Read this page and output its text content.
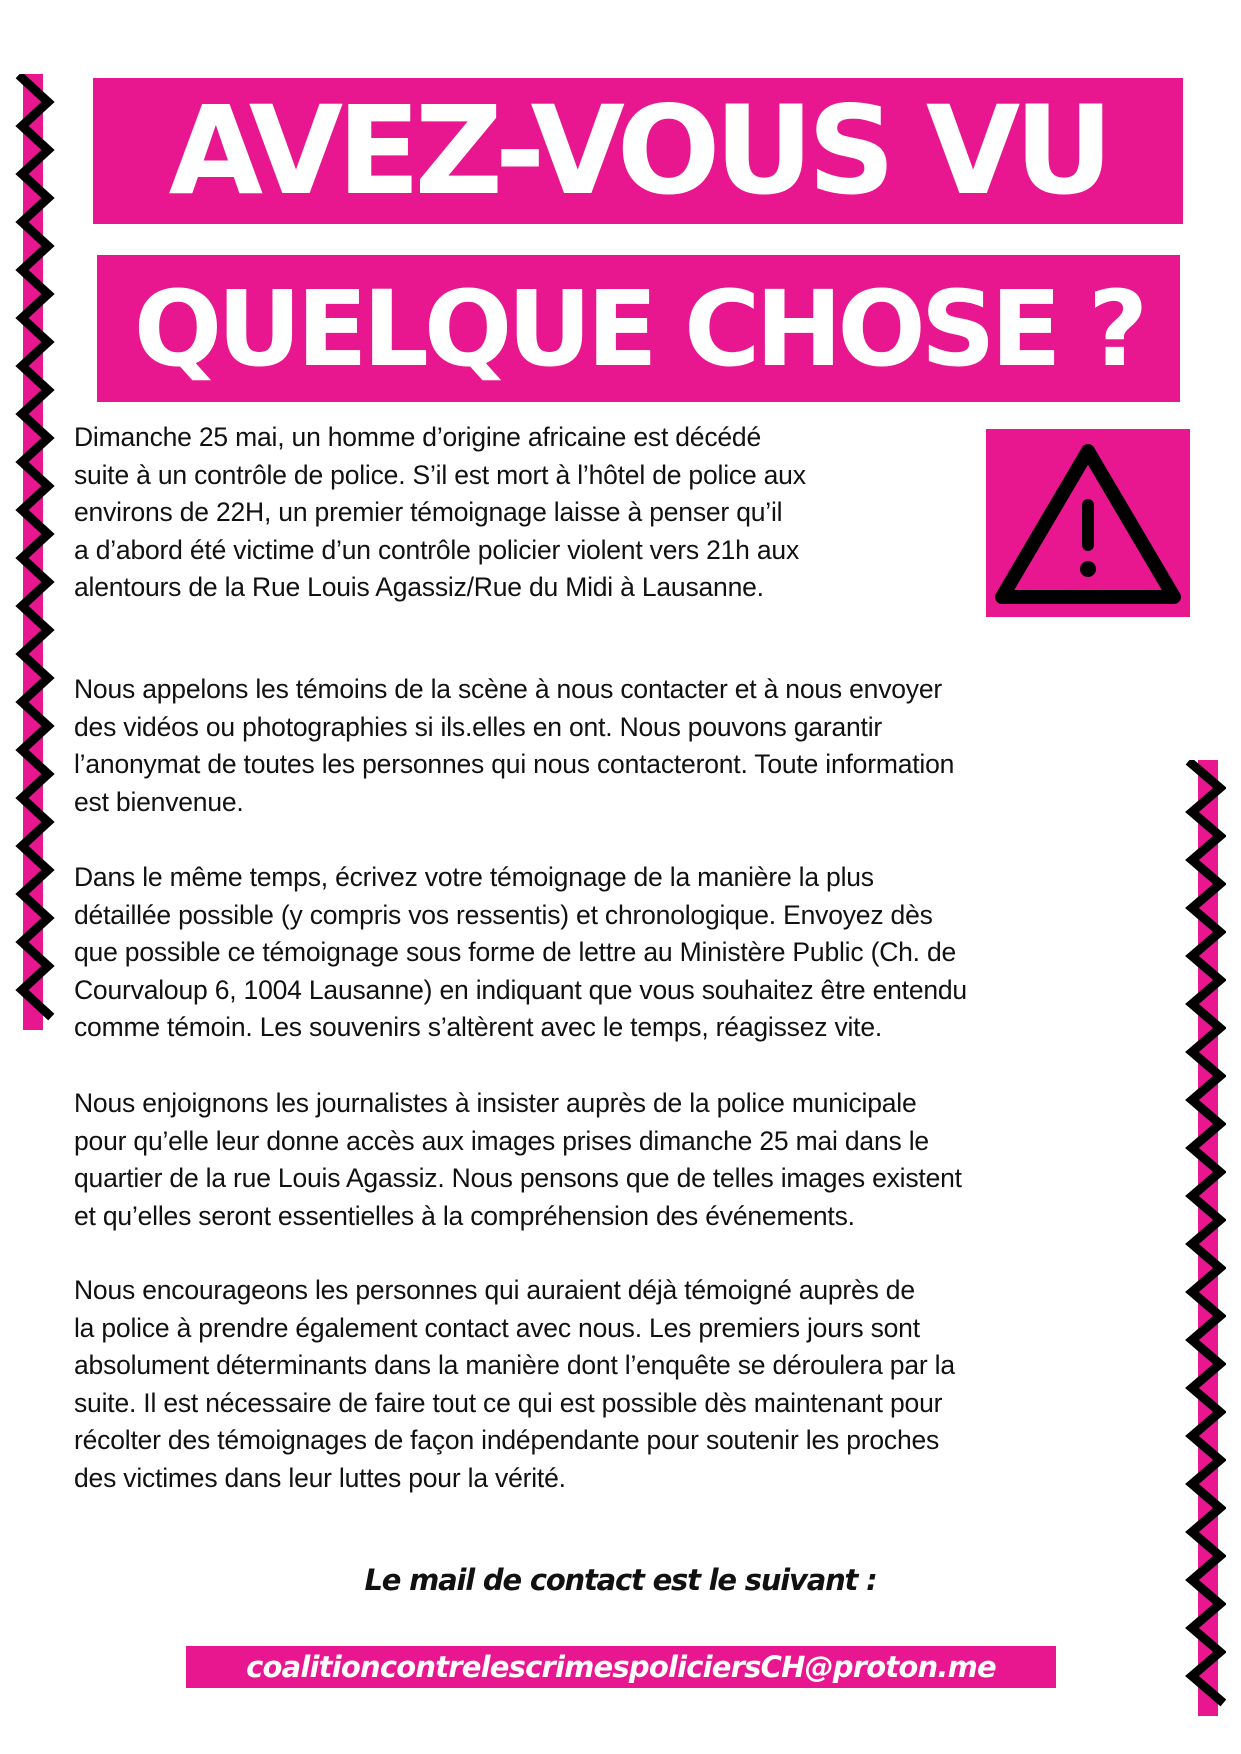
AVEZ-VOUS VU
QUELQUE CHOSE ?
Dimanche 25 mai, un homme d’origine africaine est décédé
suite à un contrôle de police. S’il est mort à l’hôtel de police aux
environs de 22H, un premier témoignage laisse à penser qu’il
a d’abord été victime d’un contrôle policier violent vers 21h aux
alentours de la Rue Louis Agassiz/Rue du Midi à Lausanne.
Nous appelons les témoins de la scène à nous contacter et à nous envoyer
des vidéos ou photographies si ils.elles en ont. Nous pouvons garantir
l’anonymat de toutes les personnes qui nous contacteront. Toute information
est bienvenue.
Dans le même temps, écrivez votre témoignage de la manière la plus
détaillée possible (y compris vos ressentis) et chronologique. Envoyez dès
que possible ce témoignage sous forme de lettre au Ministère Public (Ch. de
Courvaloup 6, 1004 Lausanne) en indiquant que vous souhaitez être entendu
comme témoin. Les souvenirs s’altèrent avec le temps, réagissez vite.
Nous enjoignons les journalistes à insister auprès de la police municipale
pour qu’elle leur donne accès aux images prises dimanche 25 mai dans le
quartier de la rue Louis Agassiz. Nous pensons que de telles images existent
et qu’elles seront essentielles à la compréhension des événements.
Nous encourageons les personnes qui auraient déjà témoigné auprès de
la police à prendre également contact avec nous. Les premiers jours sont
absolument déterminants dans la manière dont l’enquête se déroulera par la
suite. Il est nécessaire de faire tout ce qui est possible dès maintenant pour
récolter des témoignages de façon indépendante pour soutenir les proches
des victimes dans leur luttes pour la vérité.
Le mail de contact est le suivant :
coalitioncontrelescrimespoliciersCH@proton.me
